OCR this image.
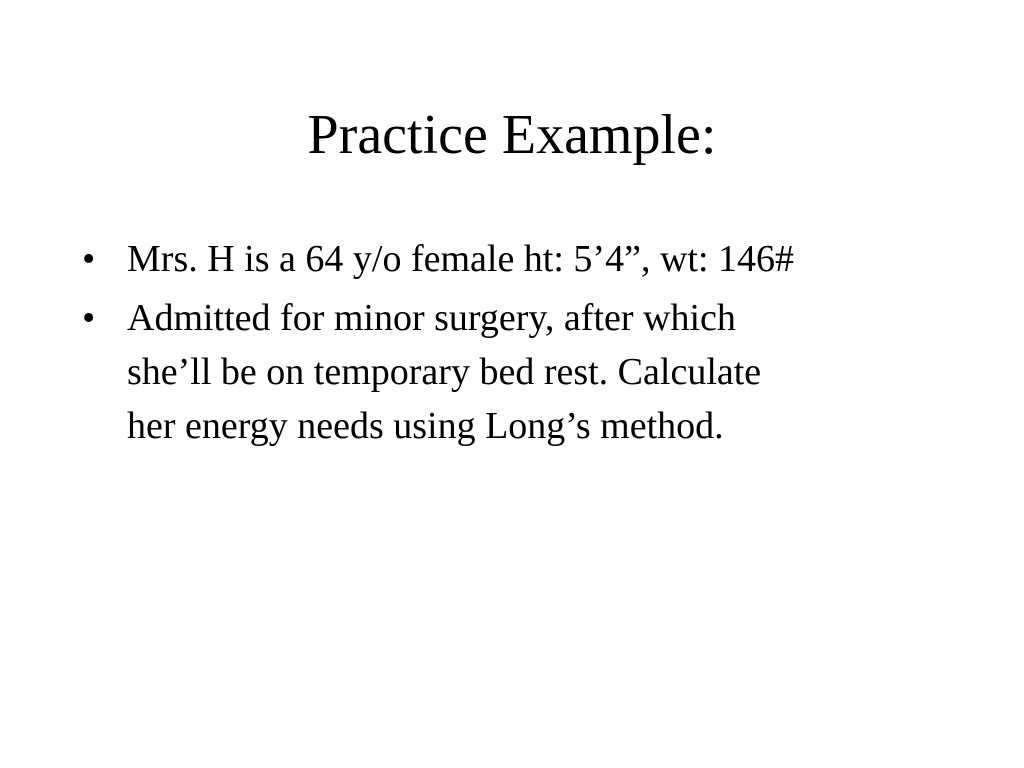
Practice Example:
• Mrs. H is a 64 y/o female ht: 5’4”, wt: 146#
• Admitted for minor surgery, after which
she’ll be on temporary bed rest. Calculate
her energy needs using Long’s method.
